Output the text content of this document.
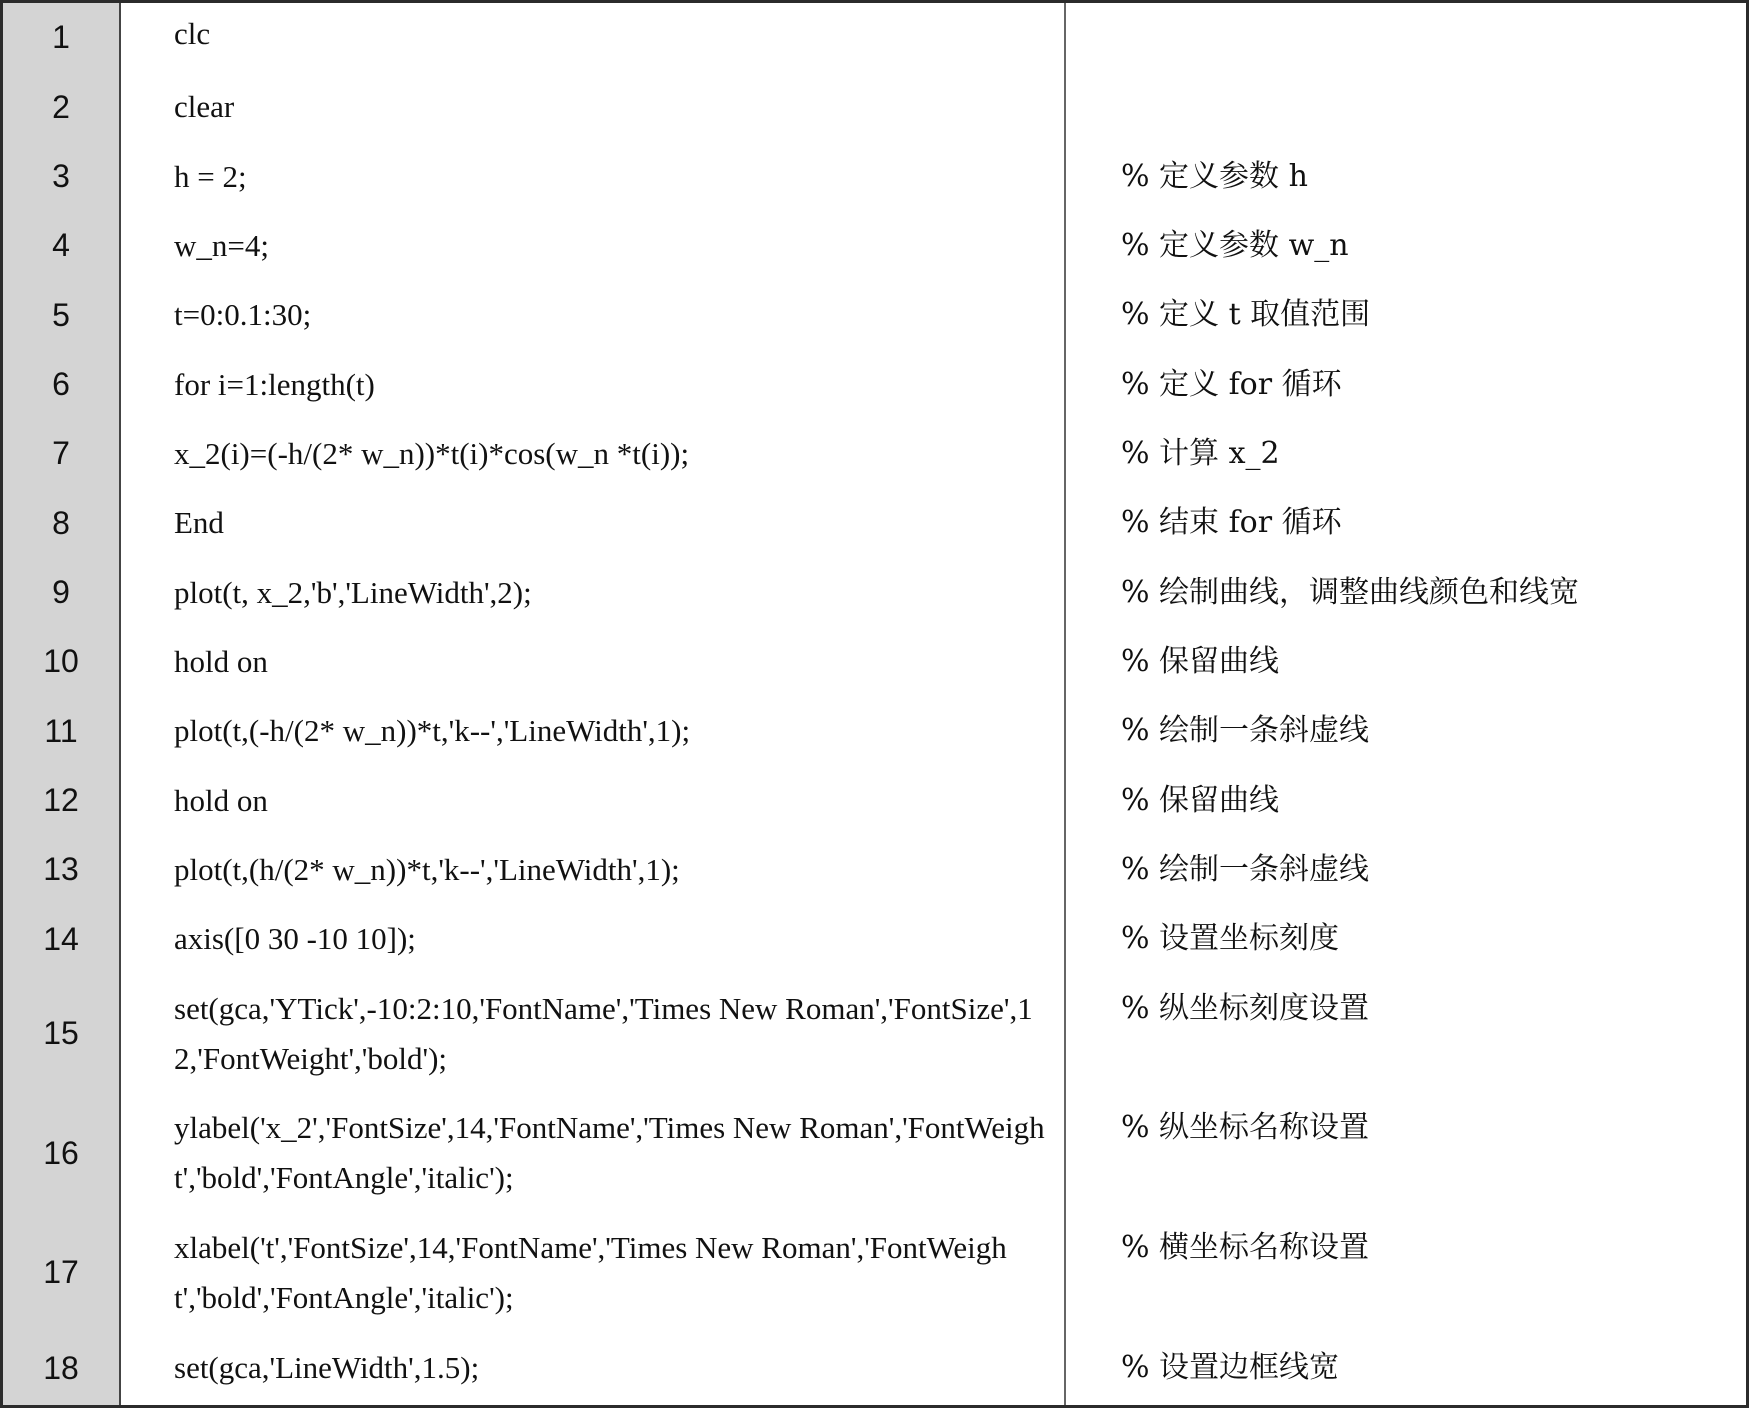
1	clc	
2	clear	
3	h = 2;	% 定义参数 h
4	w_n=4;	% 定义参数 w_n
5	t=0:0.1:30;	% 定义 t 取值范围
6	for i=1:length(t)	% 定义 for 循环
7	x_2(i)=(-h/(2* w_n))*t(i)*cos(w_n *t(i));	% 计算 x_2
8	End	% 结束 for 循环
9	plot(t, x_2,'b','LineWidth',2);	% 绘制曲线，调整曲线颜色和线宽
10	hold on	% 保留曲线
11	plot(t,(-h/(2* w_n))*t,'k--','LineWidth',1);	% 绘制一条斜虚线
12	hold on	% 保留曲线
13	plot(t,(h/(2* w_n))*t,'k--','LineWidth',1);	% 绘制一条斜虚线
14	axis([0 30 -10 10]);	% 设置坐标刻度
15	set(gca,'YTick',-10:2:10,'FontName','Times New Roman','FontSize',12,'FontWeight','bold');	% 纵坐标刻度设置
16	ylabel('x_2','FontSize',14,'FontName','Times New Roman','FontWeight','bold','FontAngle','italic');	% 纵坐标名称设置
17	xlabel('t','FontSize',14,'FontName','Times New Roman','FontWeight','bold','FontAngle','italic');	% 横坐标名称设置
18	set(gca,'LineWidth',1.5);	% 设置边框线宽
